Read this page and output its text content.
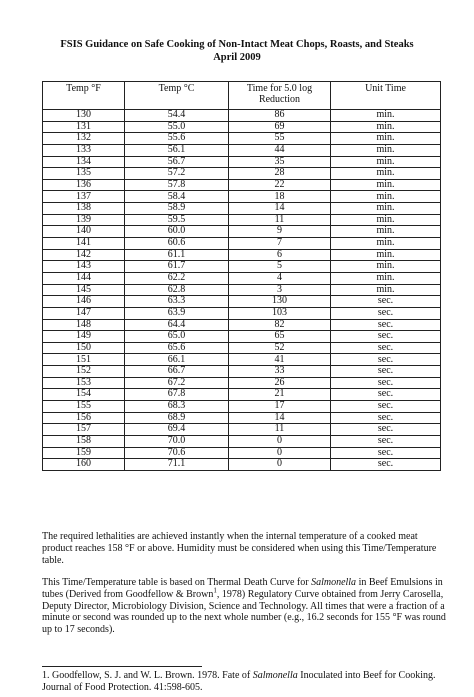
FSIS Guidance on Safe Cooking of Non-Intact Meat Chops, Roasts, and Steaks
April 2009
Temp °F	Temp °C	Time for 5.0 log Reduction	Unit Time
130	54.4	86	min.
131	55.0	69	min.
132	55.6	55	min.
133	56.1	44	min.
134	56.7	35	min.
135	57.2	28	min.
136	57.8	22	min.
137	58.4	18	min.
138	58.9	14	min.
139	59.5	11	min.
140	60.0	9	min.
141	60.6	7	min.
142	61.1	6	min.
143	61.7	5	min.
144	62.2	4	min.
145	62.8	3	min.
146	63.3	130	sec.
147	63.9	103	sec.
148	64.4	82	sec.
149	65.0	65	sec.
150	65.6	52	sec.
151	66.1	41	sec.
152	66.7	33	sec.
153	67.2	26	sec.
154	67.8	21	sec.
155	68.3	17	sec.
156	68.9	14	sec.
157	69.4	11	sec.
158	70.0	0	sec.
159	70.6	0	sec.
160	71.1	0	sec.

The required lethalities are achieved instantly when the internal temperature of a cooked meat product reaches 158 °F or above. Humidity must be considered when using this Time/Temperature table.

This Time/Temperature table is based on Thermal Death Curve for Salmonella in Beef Emulsions in tubes (Derived from Goodfellow & Brown$^1$, 1978) Regulatory Curve obtained from Jerry Carosella, Deputy Director, Microbiology Division, Science and Technology. All times that were a fraction of a minute or second was rounded up to the next whole number (e.g., 16.2 seconds for 155 °F was round up to 17 seconds).

1. Goodfellow, S. J. and W. L. Brown. 1978. Fate of Salmonella Inoculated into Beef for Cooking. Journal of Food Protection. 41:598-605.
